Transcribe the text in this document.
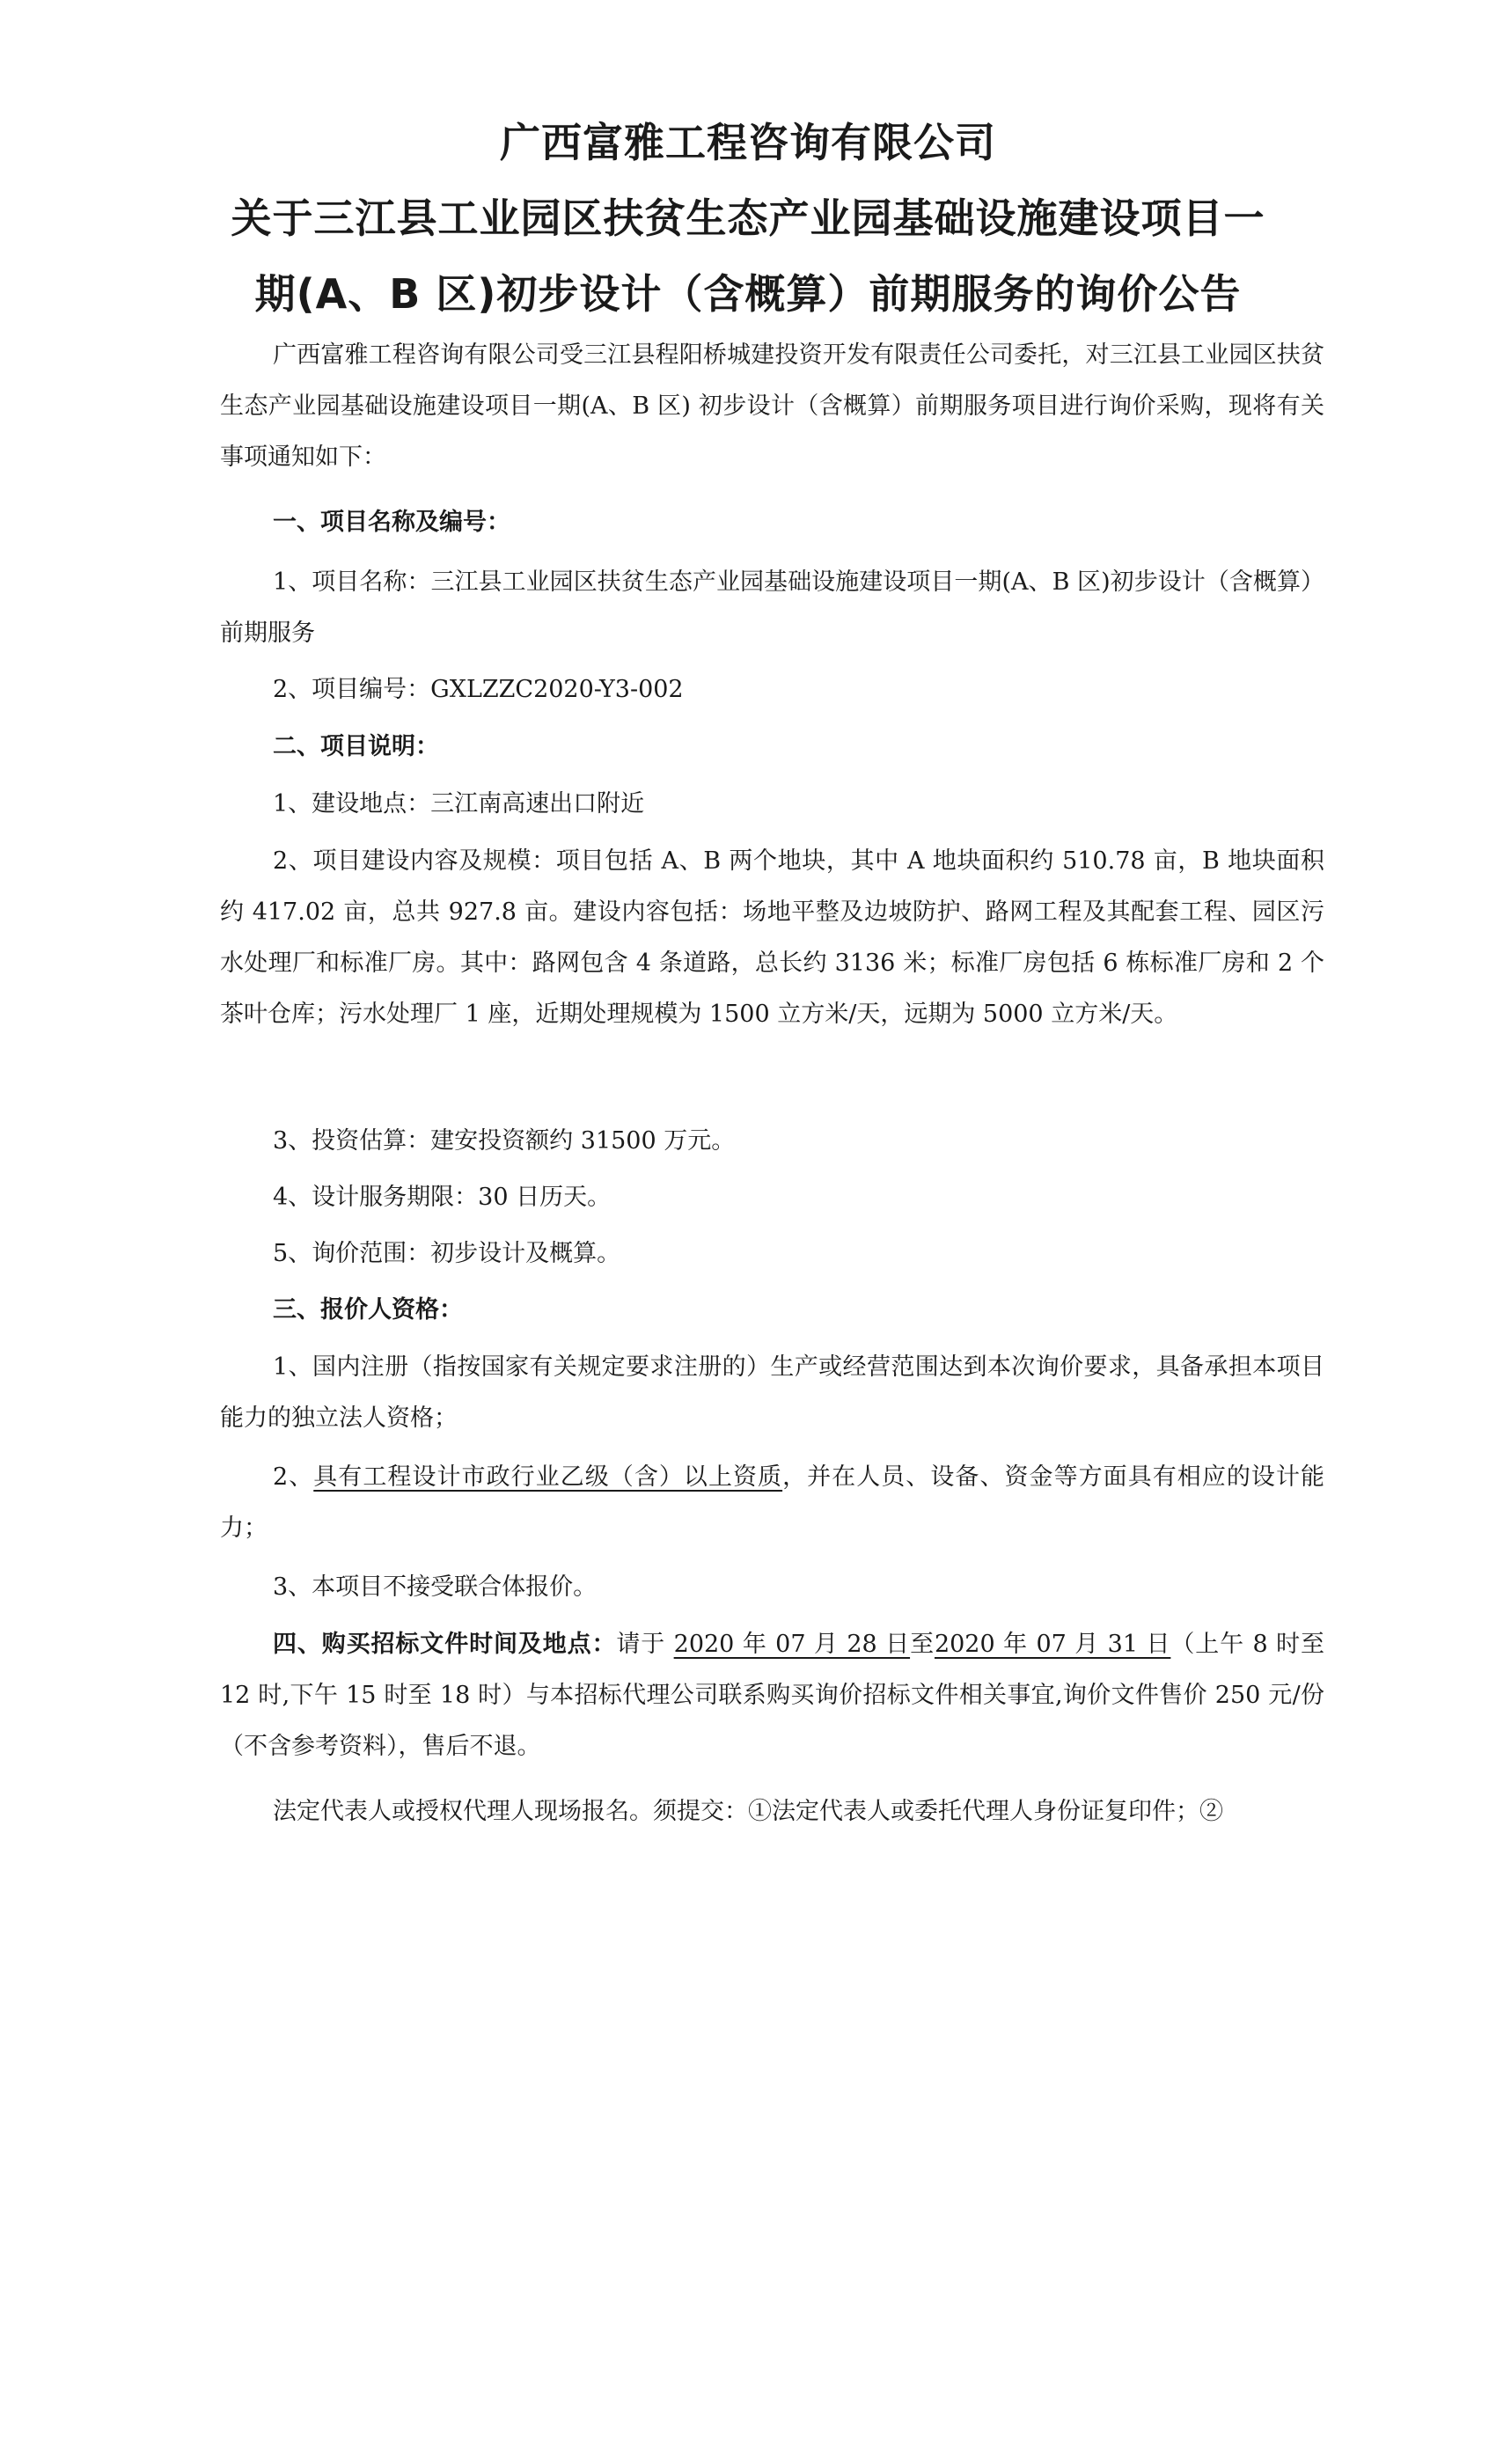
广西富雅工程咨询有限公司
关于三江县工业园区扶贫生态产业园基础设施建设项目一
期(A、B 区)初步设计（含概算）前期服务的询价公告

广西富雅工程咨询有限公司受三江县程阳桥城建投资开发有限责任公司委托，对三江县工业园区扶贫生态产业园基础设施建设项目一期(A、B 区) 初步设计（含概算）前期服务项目进行询价采购，现将有关事项通知如下：

一、项目名称及编号：

1、项目名称：三江县工业园区扶贫生态产业园基础设施建设项目一期(A、B 区)初步设计（含概算）前期服务

2、项目编号：GXLZZC2020-Y3-002

二、项目说明：

1、建设地点：三江南高速出口附近

2、项目建设内容及规模：项目包括 A、B 两个地块，其中 A 地块面积约 510.78 亩，B 地块面积约 417.02 亩，总共 927.8 亩。建设内容包括：场地平整及边坡防护、路网工程及其配套工程、园区污水处理厂和标准厂房。其中：路网包含 4 条道路，总长约 3136 米；标准厂房包括 6 栋标准厂房和 2 个茶叶仓库；污水处理厂 1 座，近期处理规模为 1500 立方米/天，远期为 5000 立方米/天。

3、投资估算：建安投资额约 31500 万元。

4、设计服务期限：30 日历天。

5、询价范围：初步设计及概算。

三、报价人资格：

1、国内注册（指按国家有关规定要求注册的）生产或经营范围达到本次询价要求，具备承担本项目能力的独立法人资格；

2、具有工程设计市政行业乙级（含）以上资质，并在人员、设备、资金等方面具有相应的设计能力；

3、本项目不接受联合体报价。

四、购买招标文件时间及地点：请于 2020 年 07 月 28 日至2020 年 07 月 31 日（上午 8 时至 12 时,下午 15 时至 18 时）与本招标代理公司联系购买询价招标文件相关事宜,询价文件售价 250 元/份（不含参考资料），售后不退。

法定代表人或授权代理人现场报名。须提交：①法定代表人或委托代理人身份证复印件；②
